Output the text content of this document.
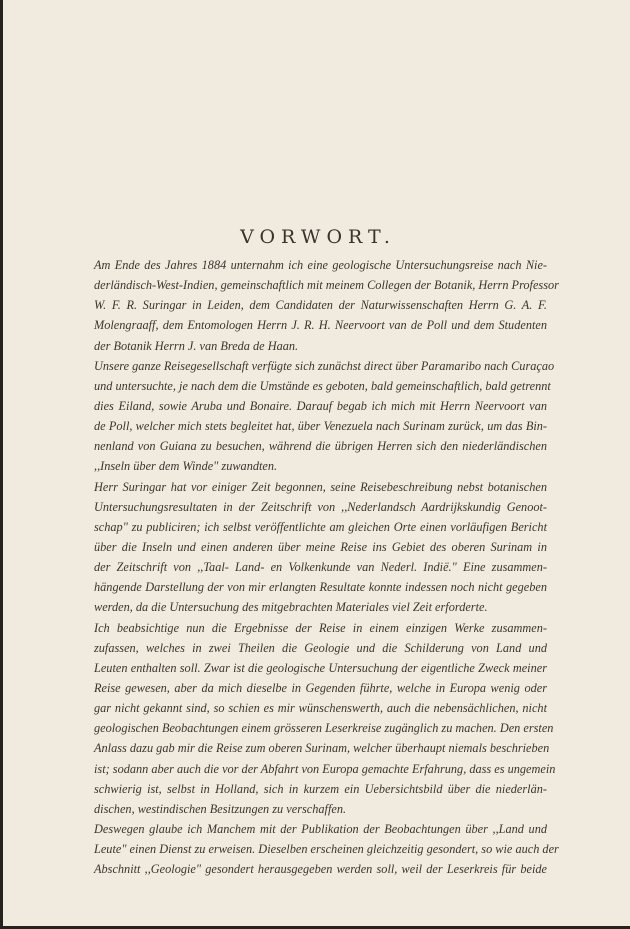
VORWORT.
Am Ende des Jahres 1884 unternahm ich eine geologische Untersuchungsreise nach Nie-
derländisch-West-Indien, gemeinschaftlich mit meinem Collegen der Botanik, Herrn Professor
W. F. R. Suringar in Leiden, dem Candidaten der Naturwissenschaften Herrn G. A. F.
Molengraaff, dem Entomologen Herrn J. R. H. Neervoort van de Poll und dem Studenten
der Botanik Herrn J. van Breda de Haan.
Unsere ganze Reisegesellschaft verfügte sich zunächst direct über Paramaribo nach Curaçao
und untersuchte, je nach dem die Umstände es geboten, bald gemeinschaftlich, bald getrennt
dies Eiland, sowie Aruba und Bonaire. Darauf begab ich mich mit Herrn Neervoort van
de Poll, welcher mich stets begleitet hat, über Venezuela nach Surinam zurück, um das Bin-
nenland von Guiana zu besuchen, während die übrigen Herren sich den niederländischen
,,Inseln über dem Winde" zuwandten.
Herr Suringar hat vor einiger Zeit begonnen, seine Reisebeschreibung nebst botanischen
Untersuchungsresultaten in der Zeitschrift von ,,Nederlandsch Aardrijkskundig Genoot-
schap" zu publiciren; ich selbst veröffentlichte am gleichen Orte einen vorläufigen Bericht
über die Inseln und einen anderen über meine Reise ins Gebiet des oberen Surinam in
der Zeitschrift von ,,Taal- Land- en Volkenkunde van Nederl. Indië." Eine zusammen-
hängende Darstellung der von mir erlangten Resultate konnte indessen noch nicht gegeben
werden, da die Untersuchung des mitgebrachten Materiales viel Zeit erforderte.
Ich beabsichtige nun die Ergebnisse der Reise in einem einzigen Werke zusammen-
zufassen, welches in zwei Theilen die Geologie und die Schilderung von Land und
Leuten enthalten soll. Zwar ist die geologische Untersuchung der eigentliche Zweck meiner
Reise gewesen, aber da mich dieselbe in Gegenden führte, welche in Europa wenig oder
gar nicht gekannt sind, so schien es mir wünschenswerth, auch die nebensächlichen, nicht
geologischen Beobachtungen einem grösseren Leserkreise zugänglich zu machen. Den ersten
Anlass dazu gab mir die Reise zum oberen Surinam, welcher überhaupt niemals beschrieben
ist; sodann aber auch die vor der Abfahrt von Europa gemachte Erfahrung, dass es ungemein
schwierig ist, selbst in Holland, sich in kurzem ein Uebersichtsbild über die niederlän-
dischen, westindischen Besitzungen zu verschaffen.
Deswegen glaube ich Manchem mit der Publikation der Beobachtungen über ,,Land und
Leute" einen Dienst zu erweisen. Dieselben erscheinen gleichzeitig gesondert, so wie auch der
Abschnitt ,,Geologie" gesondert herausgegeben werden soll, weil der Leserkreis für beide
